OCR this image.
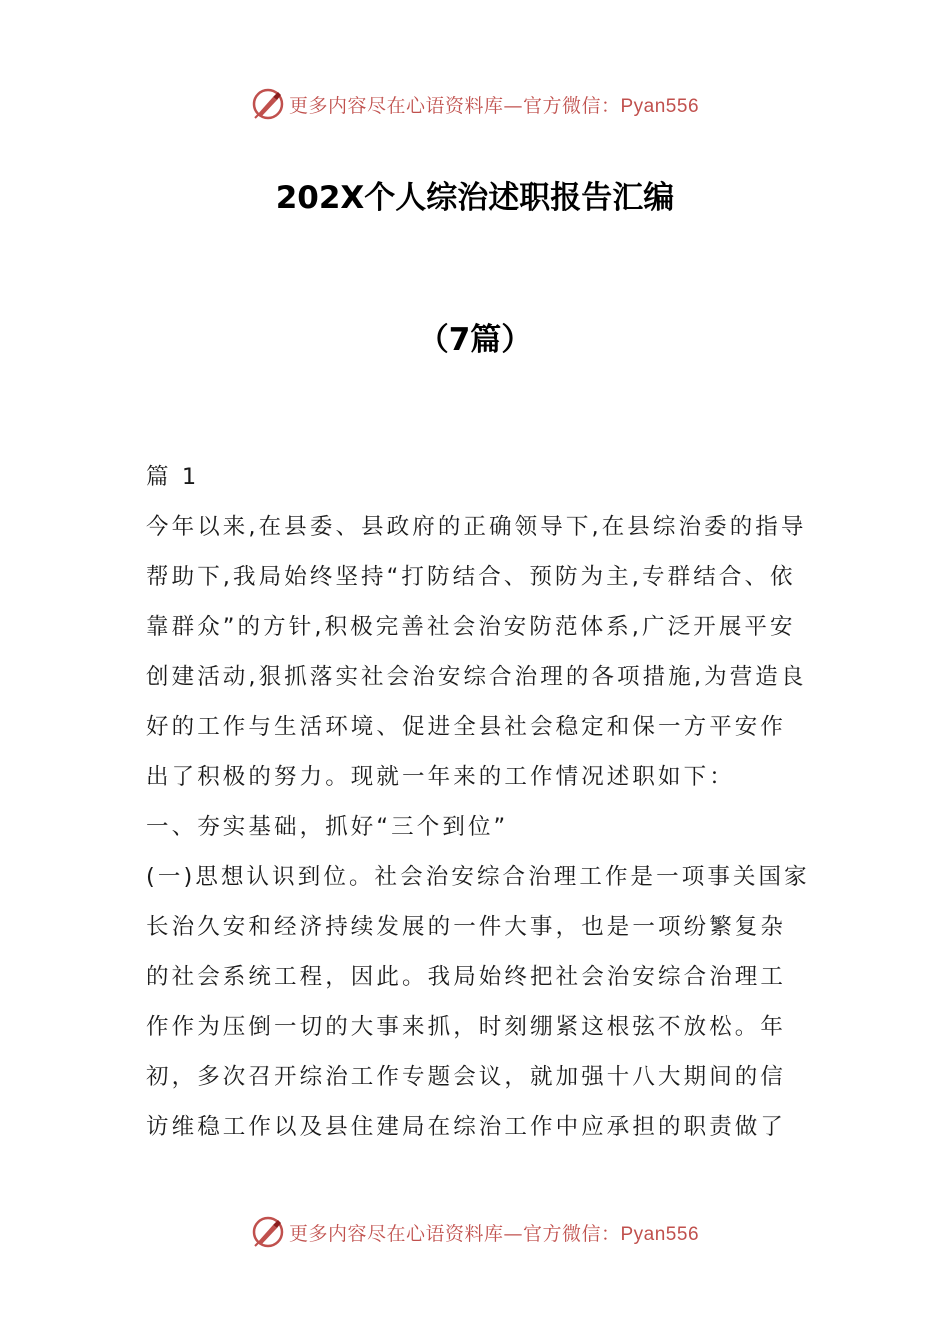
更多内容尽在心语资料库—官方微信：Pyan556
202X个人综治述职报告汇编
（7篇）
篇 1
今年以来,在县委、县政府的正确领导下,在县综治委的指导
帮助下,我局始终坚持“打防结合、预防为主,专群结合、依
靠群众”的方针,积极完善社会治安防范体系,广泛开展平安
创建活动,狠抓落实社会治安综合治理的各项措施,为营造良
好的工作与生活环境、促进全县社会稳定和保一方平安作
出了积极的努力。现就一年来的工作情况述职如下：
一、夯实基础，抓好“三个到位”
(一)思想认识到位。社会治安综合治理工作是一项事关国家
长治久安和经济持续发展的一件大事，也是一项纷繁复杂
的社会系统工程，因此。我局始终把社会治安综合治理工
作作为压倒一切的大事来抓，时刻绷紧这根弦不放松。年
初，多次召开综治工作专题会议，就加强十八大期间的信
访维稳工作以及县住建局在综治工作中应承担的职责做了
更多内容尽在心语资料库—官方微信：Pyan556
